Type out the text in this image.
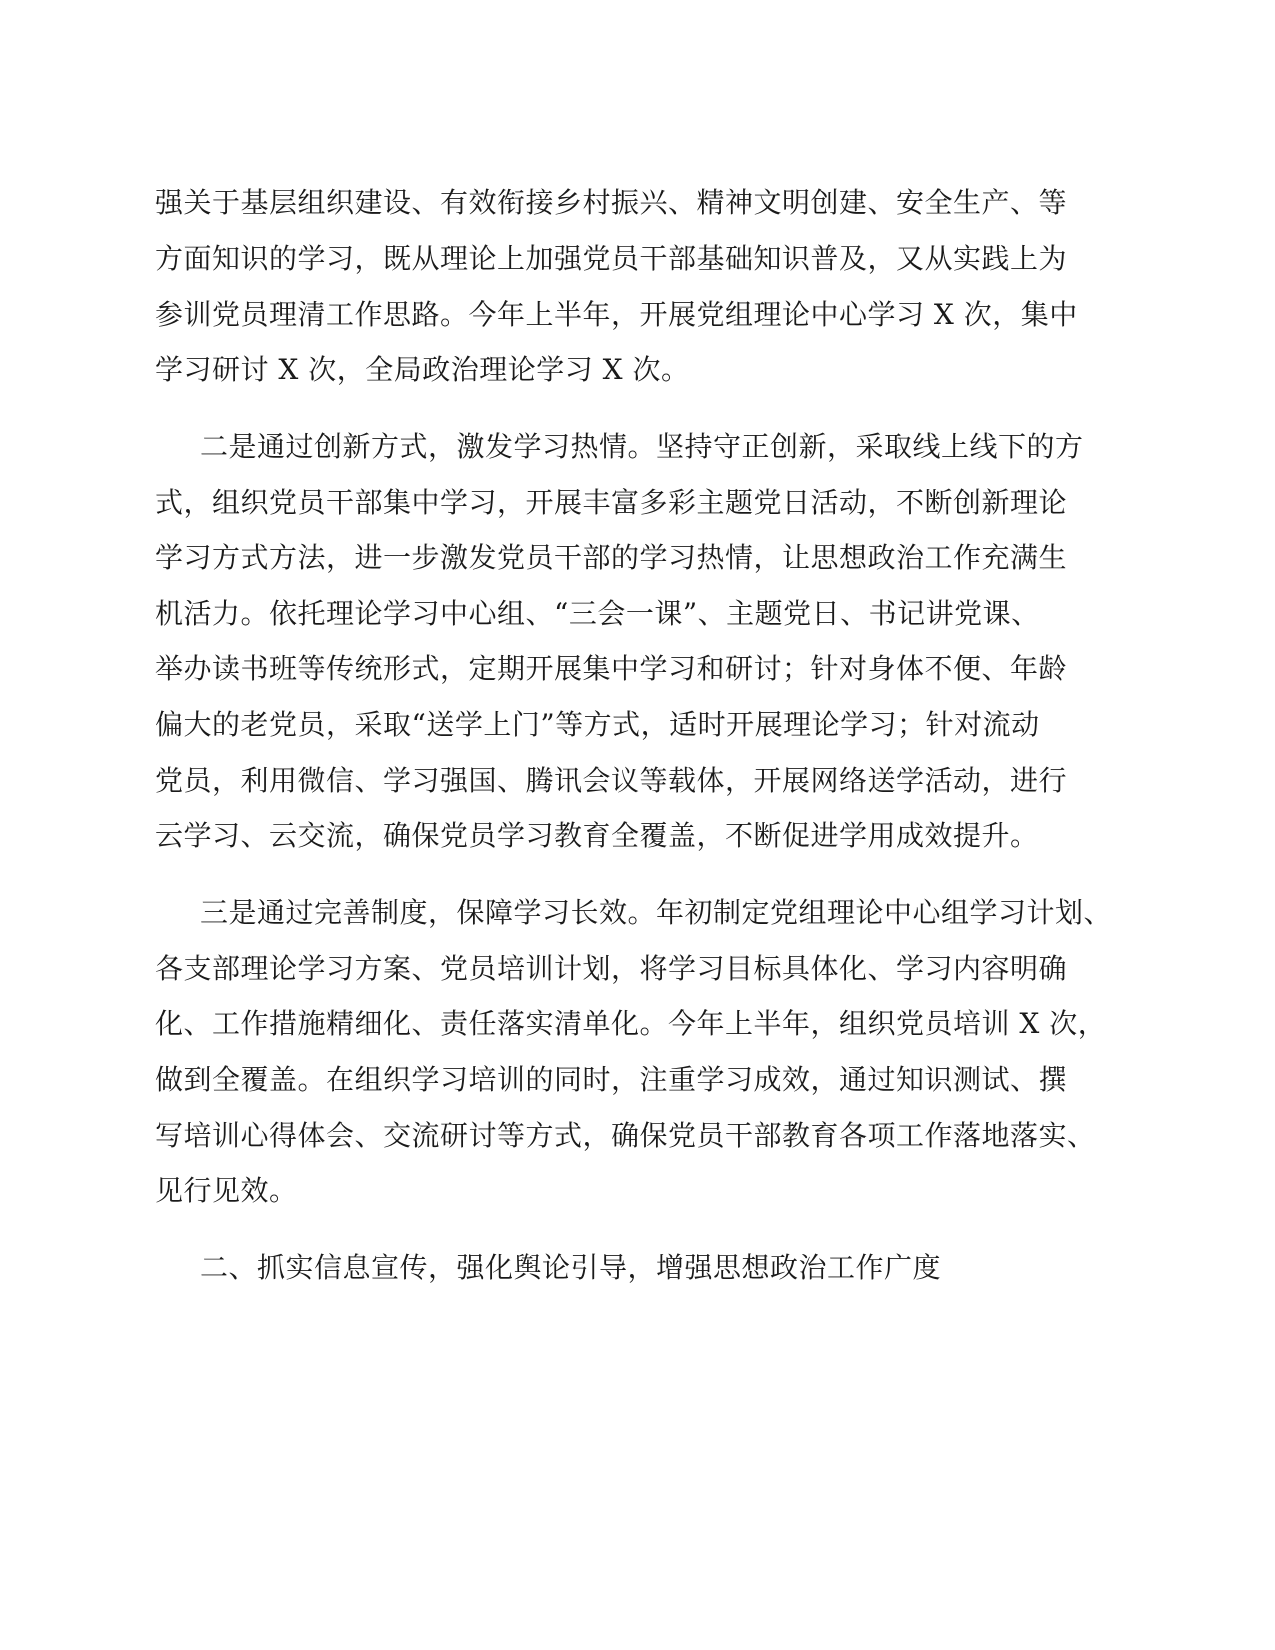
强关于基层组织建设、有效衔接乡村振兴、精神文明创建、安全生产、等
方面知识的学习，既从理论上加强党员干部基础知识普及，又从实践上为
参训党员理清工作思路。今年上半年，开展党组理论中心学习 X 次，集中
学习研讨 X 次，全局政治理论学习 X 次。
二是通过创新方式，激发学习热情。坚持守正创新，采取线上线下的方
式，组织党员干部集中学习，开展丰富多彩主题党日活动，不断创新理论
学习方式方法，进一步激发党员干部的学习热情，让思想政治工作充满生
机活力。依托理论学习中心组、“三会一课”、主题党日、书记讲党课、
举办读书班等传统形式，定期开展集中学习和研讨；针对身体不便、年龄
偏大的老党员，采取“送学上门”等方式，适时开展理论学习；针对流动
党员，利用微信、学习强国、腾讯会议等载体，开展网络送学活动，进行
云学习、云交流，确保党员学习教育全覆盖，不断促进学用成效提升。
三是通过完善制度，保障学习长效。年初制定党组理论中心组学习计划、
各支部理论学习方案、党员培训计划，将学习目标具体化、学习内容明确
化、工作措施精细化、责任落实清单化。今年上半年，组织党员培训 X 次，
做到全覆盖。在组织学习培训的同时，注重学习成效，通过知识测试、撰
写培训心得体会、交流研讨等方式，确保党员干部教育各项工作落地落实、
见行见效。
二、抓实信息宣传，强化舆论引导，增强思想政治工作广度
